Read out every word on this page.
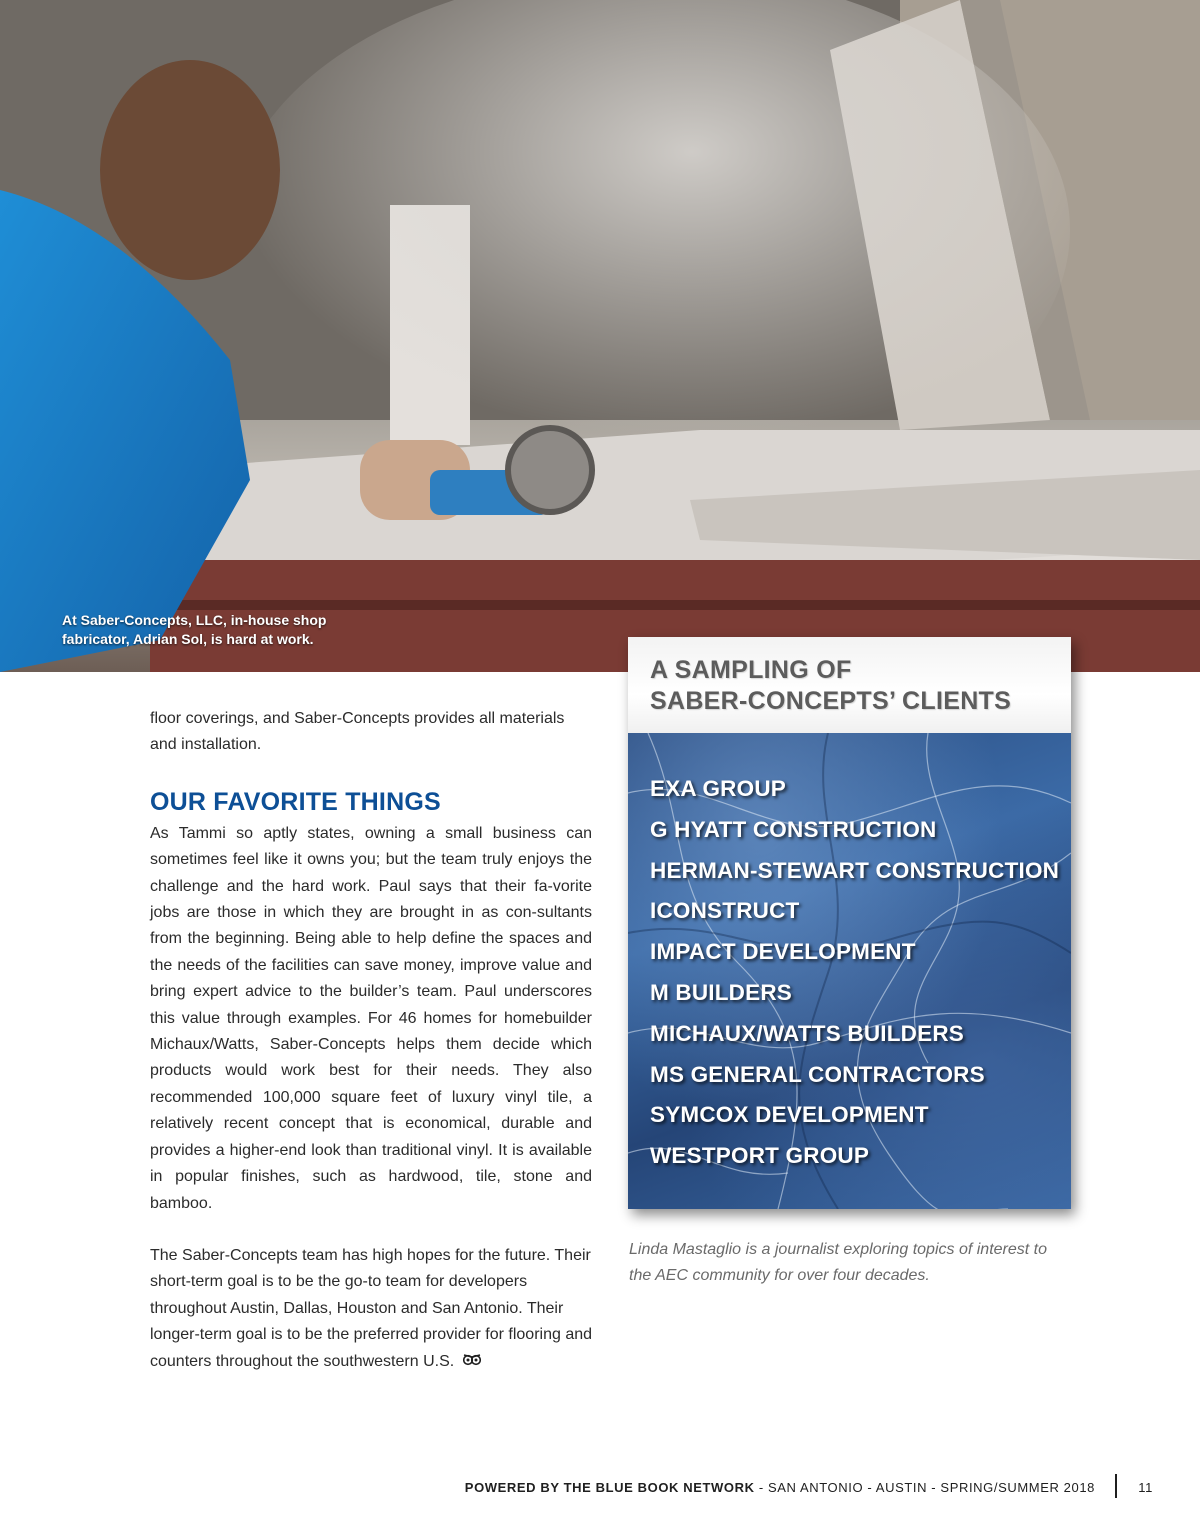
At Saber-Concepts, LLC, in-house shop
fabricator, Adrian Sol, is hard at work.

floor coverings, and Saber-Concepts provides all materials
and installation.

OUR FAVORITE THINGS

As Tammi so aptly states, owning a small business can sometimes feel like it owns you; but the team truly enjoys the challenge and the hard work. Paul says that their fa-vorite jobs are those in which they are brought in as con-sultants from the beginning. Being able to help define the spaces and the needs of the facilities can save money, improve value and bring expert advice to the builder’s team. Paul underscores this value through examples. For 46 homes for homebuilder Michaux/Watts, Saber-Concepts helps them decide which products would work best for their needs. They also recommended 100,000 square feet of luxury vinyl tile, a relatively recent concept that is economical, durable and provides a higher-end look than traditional vinyl. It is available in popular finishes, such as hardwood, tile, stone and bamboo.

The Saber-Concepts team has high hopes for the future. Their short-term goal is to be the go-to team for developers throughout Austin, Dallas, Houston and San Antonio. Their longer-term goal is to be the preferred provider for flooring and counters throughout the southwestern U.S.

A SAMPLING OF
SABER-CONCEPTS’ CLIENTS
EXA GROUP
G HYATT CONSTRUCTION
HERMAN-STEWART CONSTRUCTION
ICONSTRUCT
IMPACT DEVELOPMENT
M BUILDERS
MICHAUX/WATTS BUILDERS
MS GENERAL CONTRACTORS
SYMCOX DEVELOPMENT
WESTPORT GROUP
Linda Mastaglio is a journalist exploring topics of interest to
the AEC community for over four decades.
POWERED BY THE BLUE BOOK NETWORK - SAN ANTONIO - AUSTIN - SPRING/SUMMER 2018	11
